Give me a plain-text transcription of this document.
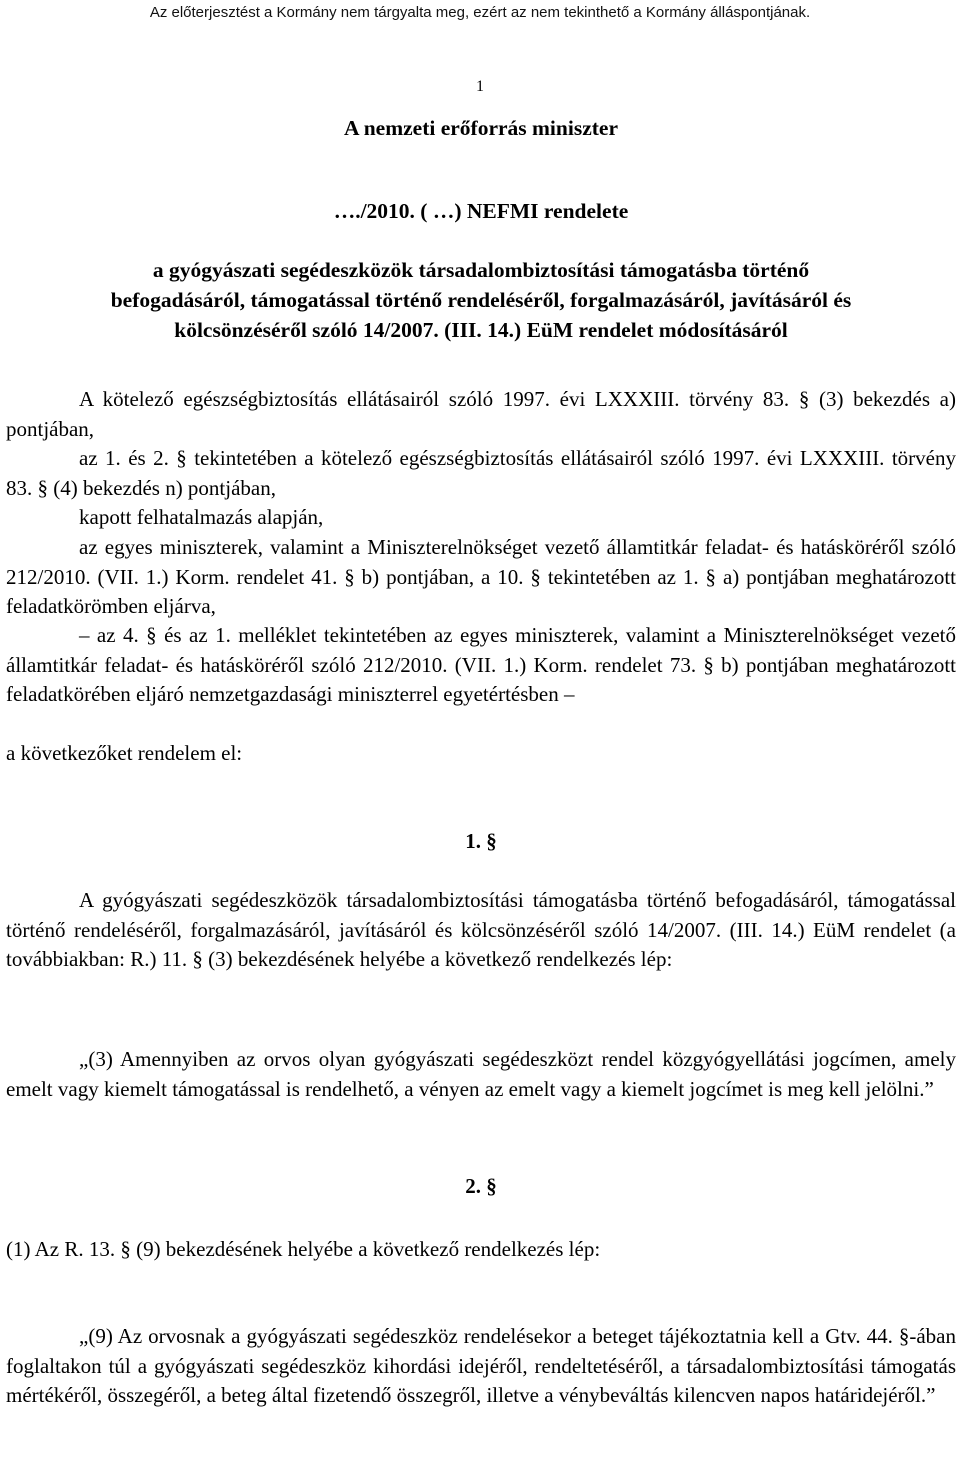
Az előterjesztést a Kormány nem tárgyalta meg, ezért az nem tekinthető a Kormány álláspontjának.
1

A nemzeti erőforrás miniszter

…./2010. ( …) NEFMI rendelete

a gyógyászati segédeszközök társadalombiztosítási támogatásba történő

befogadásáról, támogatással történő rendeléséről, forgalmazásáról, javításáról és

kölcsönzéséről szóló 14/2007. (III. 14.) EüM rendelet módosításáról

A kötelező egészségbiztosítás ellátásairól szóló 1997. évi LXXXIII. törvény 83. § (3) bekezdés a) pontjában,

az 1. és 2. § tekintetében a kötelező egészségbiztosítás ellátásairól szóló 1997. évi LXXXIII. törvény 83. § (4) bekezdés n) pontjában,

kapott felhatalmazás alapján,

az egyes miniszterek, valamint a Miniszterelnökséget vezető államtitkár feladat- és hatásköréről szóló 212/2010. (VII. 1.) Korm. rendelet 41. § b) pontjában, a 10. § tekintetében az 1. § a) pontjában meghatározott feladatkörömben eljárva,

– az 4. § és az 1. melléklet tekintetében az egyes miniszterek, valamint a Miniszterelnökséget vezető államtitkár feladat- és hatásköréről szóló 212/2010. (VII. 1.) Korm. rendelet 73. § b) pontjában meghatározott feladatkörében eljáró nemzetgazdasági miniszterrel egyetértésben –

a következőket rendelem el:

1. §

A gyógyászati segédeszközök társadalombiztosítási támogatásba történő befogadásáról, támogatással történő rendeléséről, forgalmazásáról, javításáról és kölcsönzéséről szóló 14/2007. (III. 14.) EüM rendelet (a továbbiakban: R.) 11. § (3) bekezdésének helyébe a következő rendelkezés lép:

„(3) Amennyiben az orvos olyan gyógyászati segédeszközt rendel közgyógyellátási jogcímen, amely emelt vagy kiemelt támogatással is rendelhető, a vényen az emelt vagy a kiemelt jogcímet is meg kell jelölni.”

2. §

(1) Az R. 13. § (9) bekezdésének helyébe a következő rendelkezés lép:

„(9) Az orvosnak a gyógyászati segédeszköz rendelésekor a beteget tájékoztatnia kell a Gtv. 44. §-ában foglaltakon túl a gyógyászati segédeszköz kihordási idejéről, rendeltetéséről, a társadalombiztosítási támogatás mértékéről, összegéről, a beteg által fizetendő összegről, illetve a vénybeváltás kilencven napos határidejéről.”
